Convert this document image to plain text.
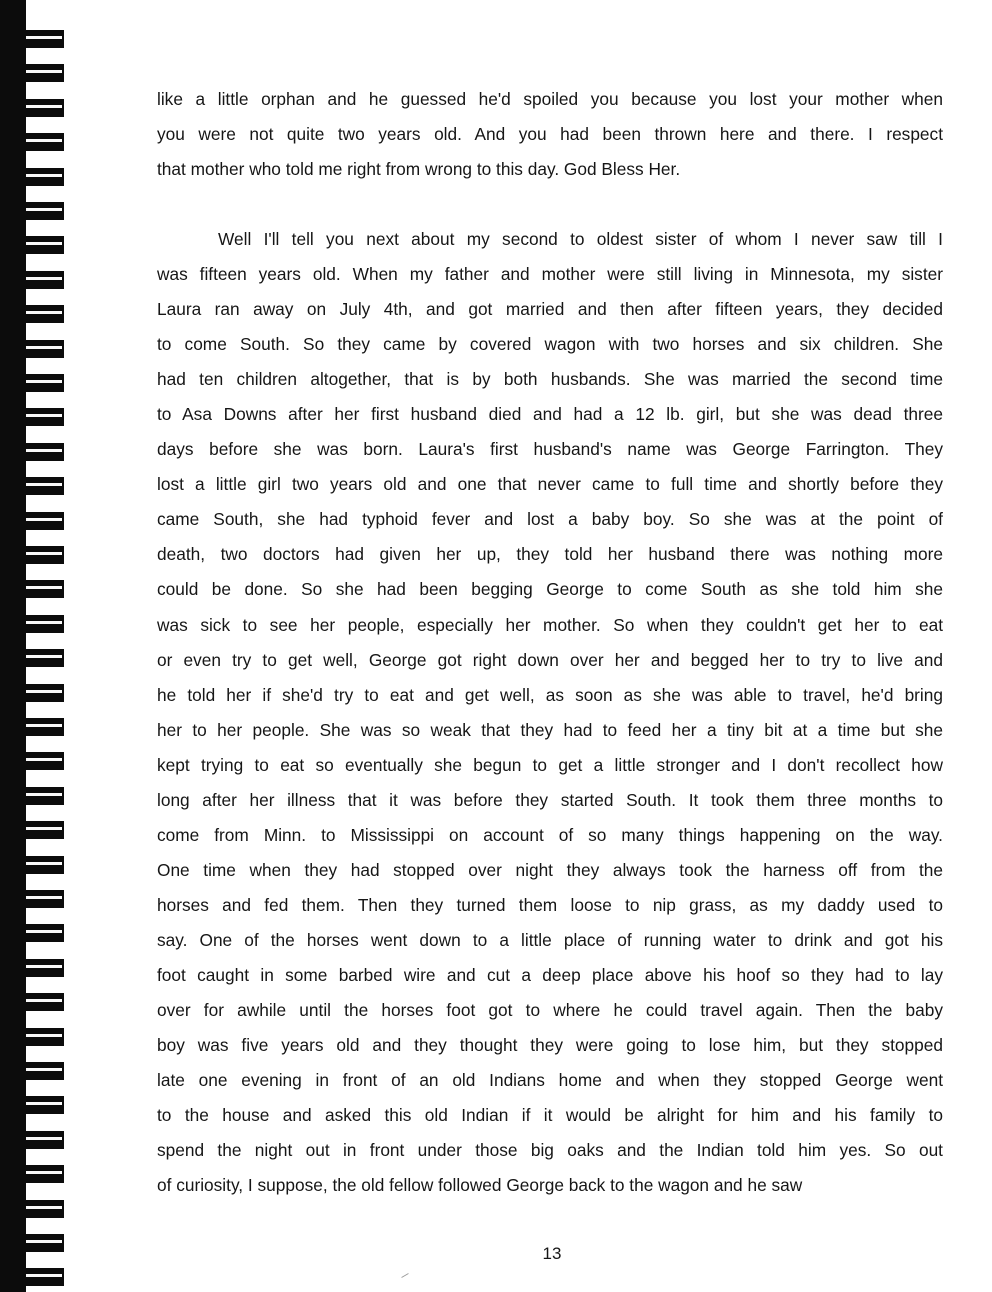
like a little orphan and he guessed he'd spoiled you because you lost your mother when
you were not quite two years old. And you had been thrown here and there. I respect
that mother who told me right from wrong to this day. God Bless Her.
Well I'll tell you next about my second to oldest sister of whom I never saw till I
was fifteen years old. When my father and mother were still living in Minnesota, my sister
Laura ran away on July 4th, and got married and then after fifteen years, they decided
to come South. So they came by covered wagon with two horses and six children. She
had ten children altogether, that is by both husbands. She was married the second time
to Asa Downs after her first husband died and had a 12 lb. girl, but she was dead three
days before she was born. Laura's first husband's name was George Farrington. They
lost a little girl two years old and one that never came to full time and shortly before they
came South, she had typhoid fever and lost a baby boy. So she was at the point of
death, two doctors had given her up, they told her husband there was nothing more
could be done. So she had been begging George to come South as she told him she
was sick to see her people, especially her mother. So when they couldn't get her to eat
or even try to get well, George got right down over her and begged her to try to live and
he told her if she'd try to eat and get well, as soon as she was able to travel, he'd bring
her to her people. She was so weak that they had to feed her a tiny bit at a time but she
kept trying to eat so eventually she begun to get a little stronger and I don't recollect how
long after her illness that it was before they started South. It took them three months to
come from Minn. to Mississippi on account of so many things happening on the way.
One time when they had stopped over night they always took the harness off from the
horses and fed them. Then they turned them loose to nip grass, as my daddy used to
say. One of the horses went down to a little place of running water to drink and got his
foot caught in some barbed wire and cut a deep place above his hoof so they had to lay
over for awhile until the horses foot got to where he could travel again. Then the baby
boy was five years old and they thought they were going to lose him, but they stopped
late one evening in front of an old Indians home and when they stopped George went
to the house and asked this old Indian if it would be alright for him and his family to
spend the night out in front under those big oaks and the Indian told him yes. So out
of curiosity, I suppose, the old fellow followed George back to the wagon and he saw
13
